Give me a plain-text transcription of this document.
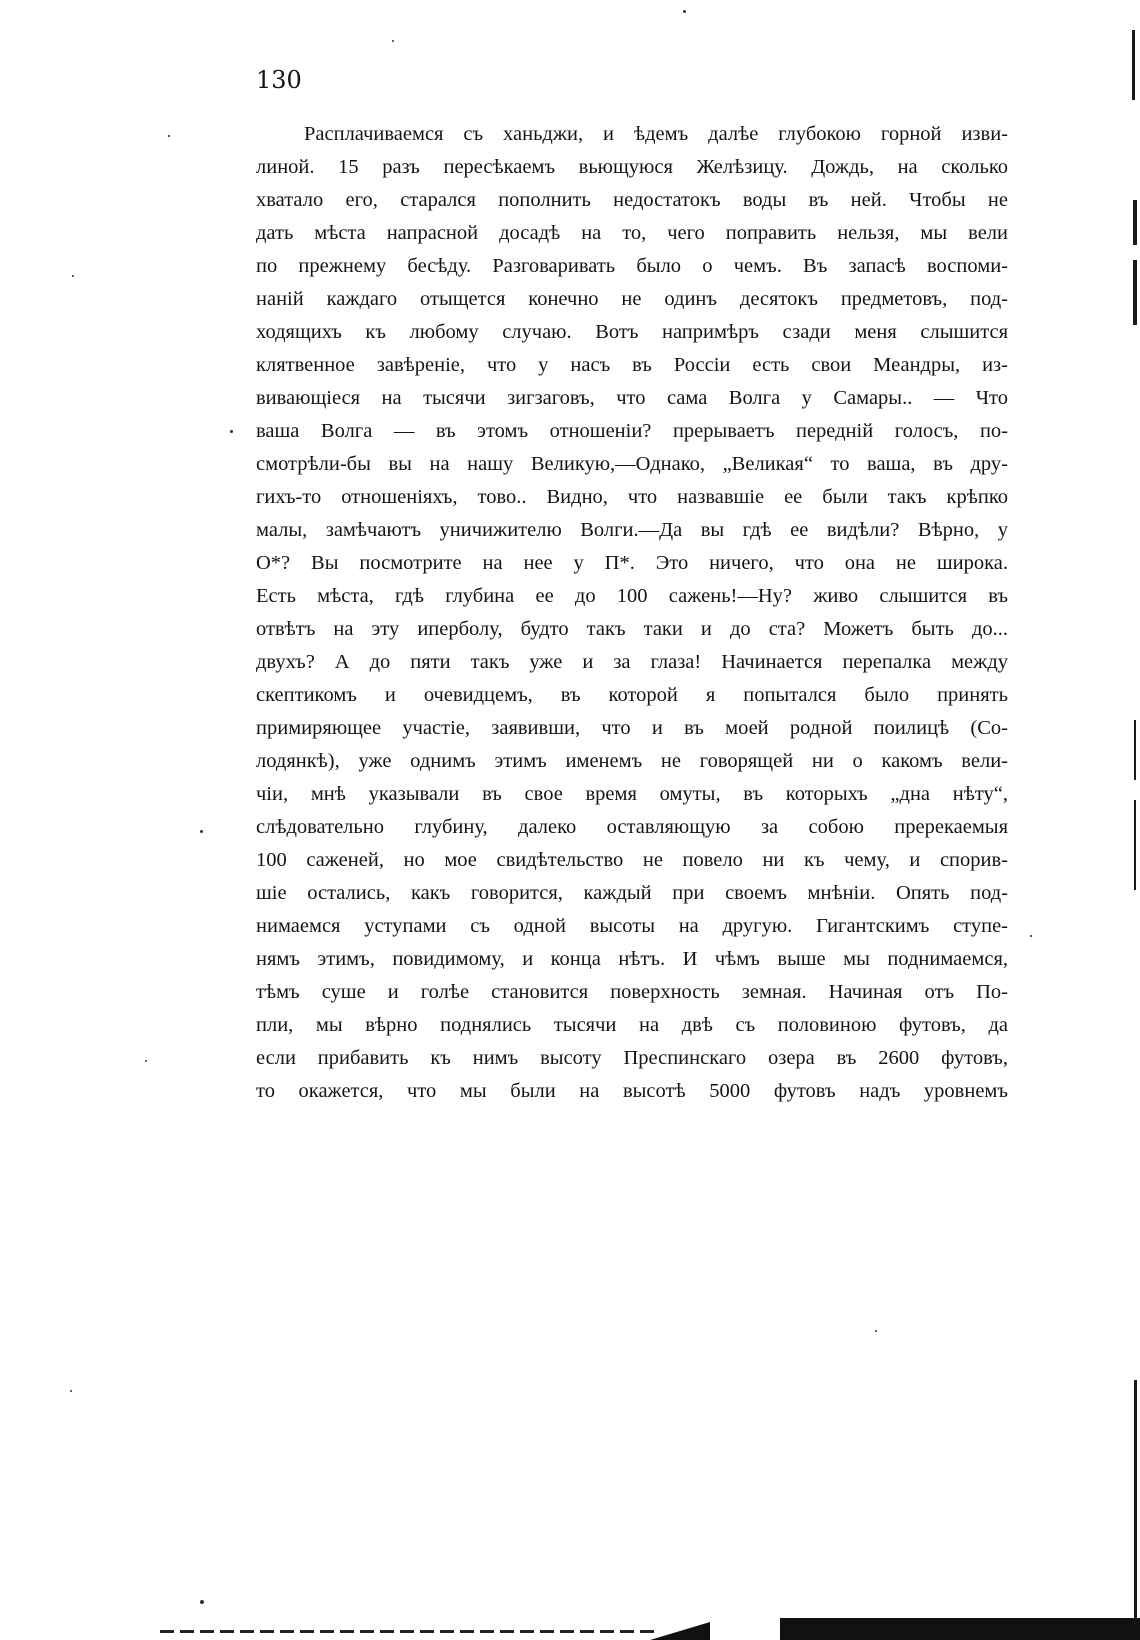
130
Расплачиваемся съ ханьджи, и ѣдемъ далѣе глубокою горной изви-
линой. 15 разъ пересѣкаемъ вьющуюся Желѣзицу. Дождь, на сколько
хватало его, старался пополнить недостатокъ воды въ ней. Чтобы не
дать мѣста напрасной досадѣ на то, чего поправить нельзя, мы вели
по прежнему бесѣду. Разговаривать было о чемъ. Въ запасѣ воспоми-
наній каждаго отыщется конечно не одинъ десятокъ предметовъ, под-
ходящихъ къ любому случаю. Вотъ напримѣръ сзади меня слышится
клятвенное завѣреніе, что у насъ въ Россіи есть свои Меандры, из-
вивающіеся на тысячи зигзаговъ, что сама Волга у Самары.. — Что
ваша Волга — въ этомъ отношеніи? прерываетъ передній голосъ, по-
смотрѣли-бы вы на нашу Великую,—Однако, „Великая“ то ваша, въ дру-
гихъ-то отношеніяхъ, тово.. Видно, что назвавшіе ее были такъ крѣпко
малы, замѣчаютъ уничижителю Волги.—Да вы гдѣ ее видѣли? Вѣрно, у
О*? Вы посмотрите на нее у П*. Это ничего, что она не широка.
Есть мѣста, гдѣ глубина ее до 100 сажень!—Ну? живо слышится въ
отвѣтъ на эту иперболу, будто такъ таки и до ста? Можетъ быть до...
двухъ? А до пяти такъ уже и за глаза! Начинается перепалка между
скептикомъ и очевидцемъ, въ которой я попытался было принять
примиряющее участіе, заявивши, что и въ моей родной поилицѣ (Со-
лодянкѣ), уже однимъ этимъ именемъ не говорящей ни о какомъ вели-
чіи, мнѣ указывали въ свое время омуты, въ которыхъ „дна нѣту“,
слѣдовательно глубину, далеко оставляющую за собою пререкаемыя
100 саженей, но мое свидѣтельство не повело ни къ чему, и спорив-
шіе остались, какъ говорится, каждый при своемъ мнѣніи. Опять под-
нимаемся уступами съ одной высоты на другую. Гигантскимъ ступе-
нямъ этимъ, повидимому, и конца нѣтъ. И чѣмъ выше мы поднимаемся,
тѣмъ суше и голѣе становится поверхность земная. Начиная отъ По-
пли, мы вѣрно поднялись тысячи на двѣ съ половиною футовъ, да
если прибавить къ нимъ высоту Преспинскаго озера въ 2600 футовъ,
то окажется, что мы были на высотѣ 5000 футовъ надъ уровнемъ
